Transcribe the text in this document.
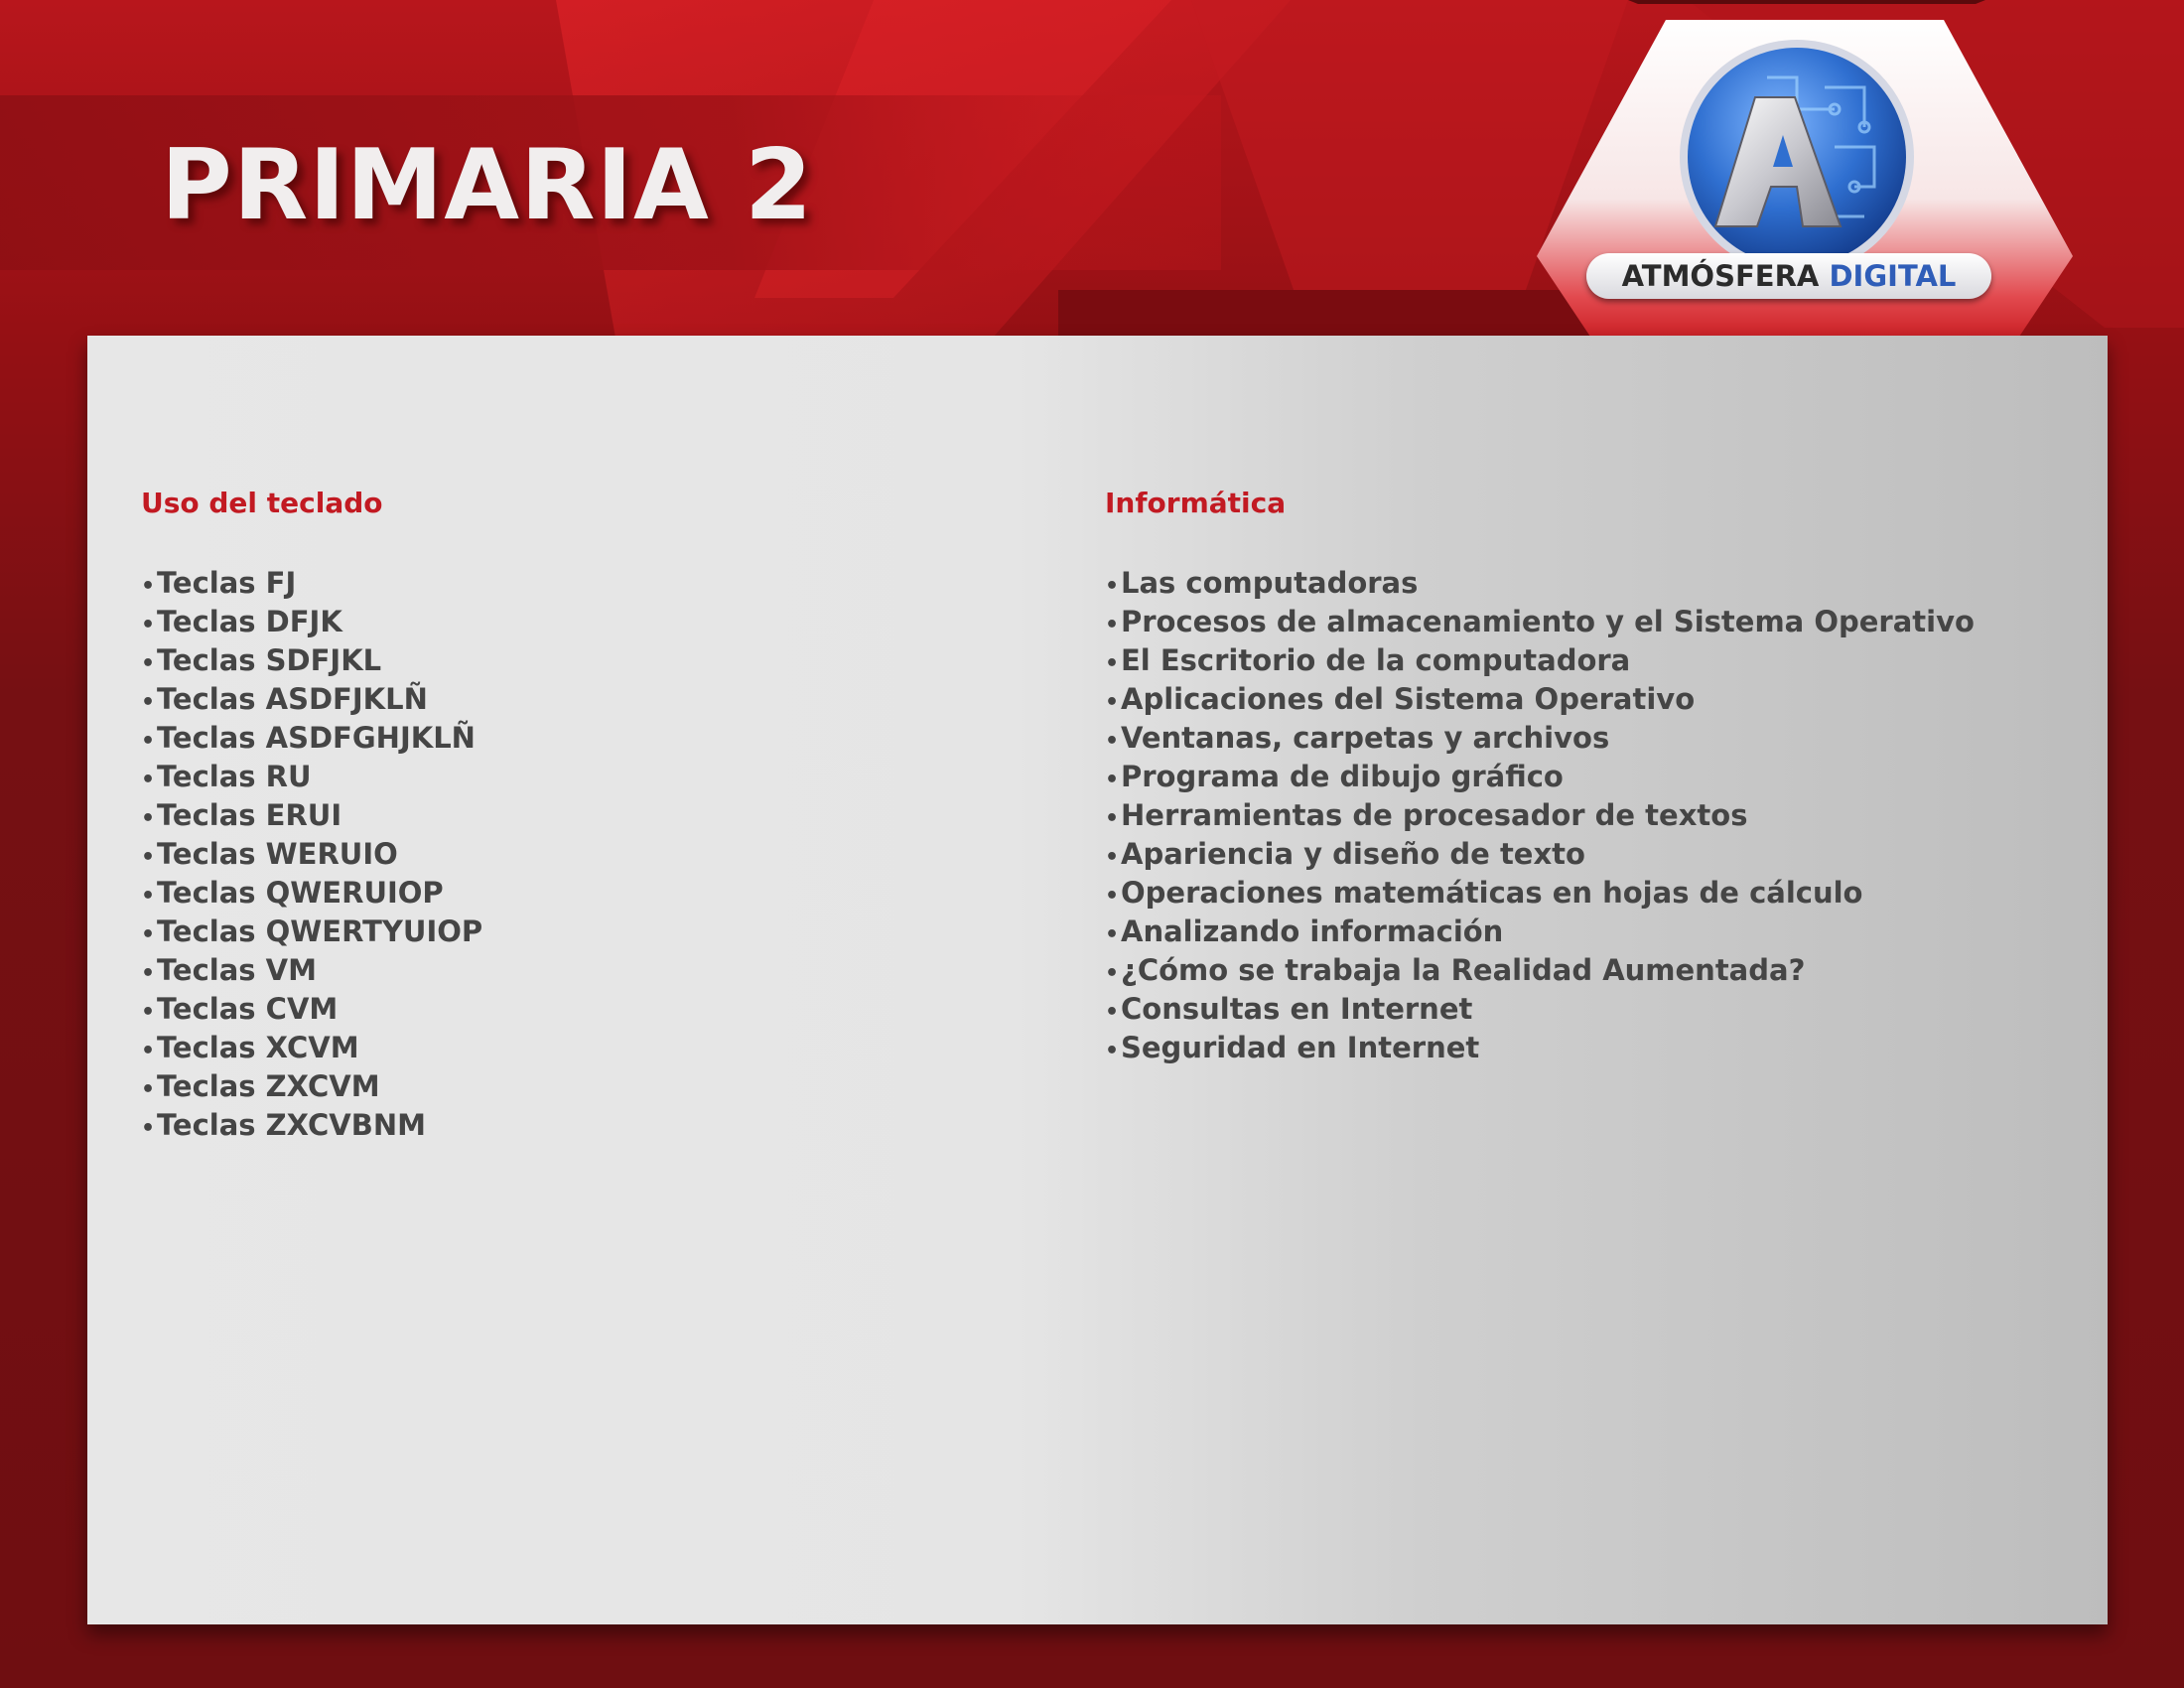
PRIMARIA 2
ATMÓSFERA DIGITAL
Uso del teclado
•Teclas FJ
•Teclas DFJK
•Teclas SDFJKL
•Teclas ASDFJKLÑ
•Teclas ASDFGHJKLÑ
•Teclas RU
•Teclas ERUI
•Teclas WERUIO
•Teclas QWERUIOP
•Teclas QWERTYUIOP
•Teclas VM
•Teclas CVM
•Teclas XCVM
•Teclas ZXCVM
•Teclas ZXCVBNM
Informática
•Las computadoras
•Procesos de almacenamiento y el Sistema Operativo
•El Escritorio de la computadora
•Aplicaciones del Sistema Operativo
•Ventanas, carpetas y archivos
•Programa de dibujo gráfico
•Herramientas de procesador de textos
•Apariencia y diseño de texto
•Operaciones matemáticas en hojas de cálculo
•Analizando información
•¿Cómo se trabaja la Realidad Aumentada?
•Consultas en Internet
•Seguridad en Internet
